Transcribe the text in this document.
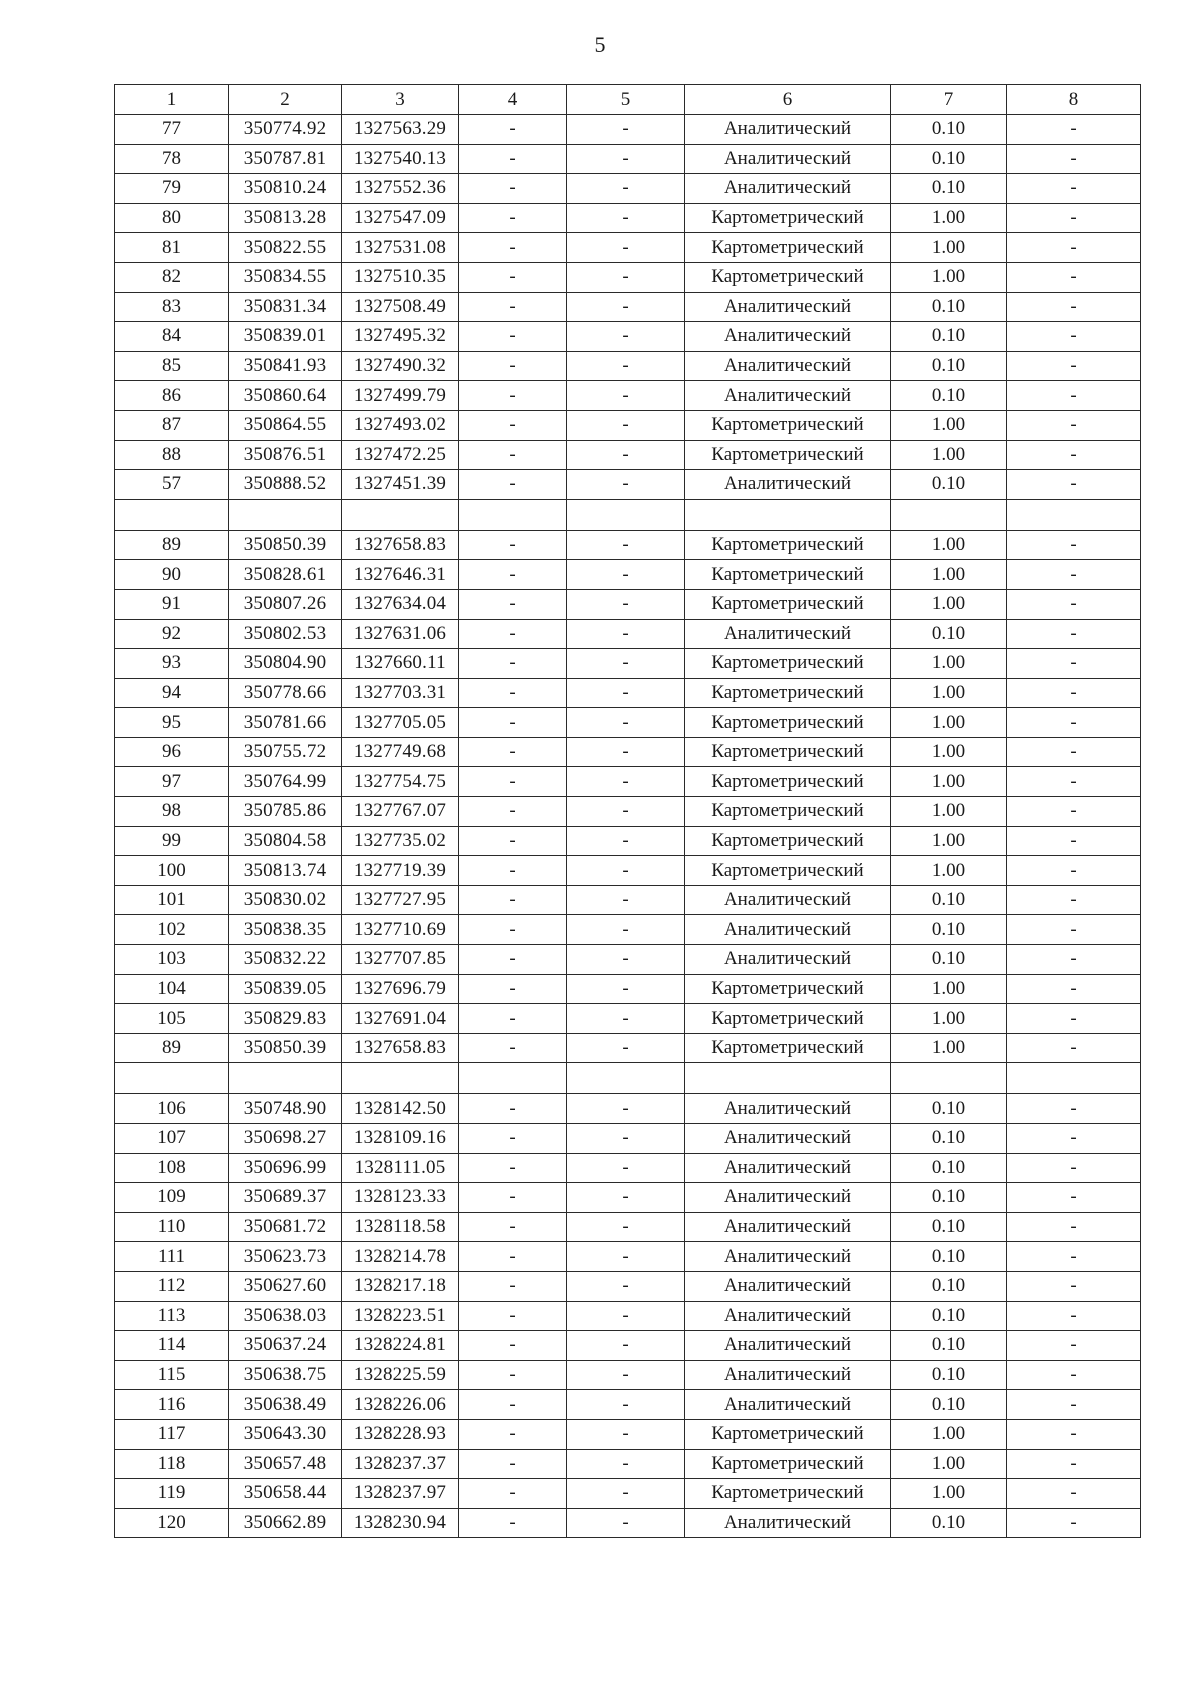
5
1	2	3	4	5	6	7	8
77	350774.92	1327563.29	-	-	Аналитический	0.10	-
78	350787.81	1327540.13	-	-	Аналитический	0.10	-
79	350810.24	1327552.36	-	-	Аналитический	0.10	-
80	350813.28	1327547.09	-	-	Картометрический	1.00	-
81	350822.55	1327531.08	-	-	Картометрический	1.00	-
82	350834.55	1327510.35	-	-	Картометрический	1.00	-
83	350831.34	1327508.49	-	-	Аналитический	0.10	-
84	350839.01	1327495.32	-	-	Аналитический	0.10	-
85	350841.93	1327490.32	-	-	Аналитический	0.10	-
86	350860.64	1327499.79	-	-	Аналитический	0.10	-
87	350864.55	1327493.02	-	-	Картометрический	1.00	-
88	350876.51	1327472.25	-	-	Картометрический	1.00	-
57	350888.52	1327451.39	-	-	Аналитический	0.10	-

89	350850.39	1327658.83	-	-	Картометрический	1.00	-
90	350828.61	1327646.31	-	-	Картометрический	1.00	-
91	350807.26	1327634.04	-	-	Картометрический	1.00	-
92	350802.53	1327631.06	-	-	Аналитический	0.10	-
93	350804.90	1327660.11	-	-	Картометрический	1.00	-
94	350778.66	1327703.31	-	-	Картометрический	1.00	-
95	350781.66	1327705.05	-	-	Картометрический	1.00	-
96	350755.72	1327749.68	-	-	Картометрический	1.00	-
97	350764.99	1327754.75	-	-	Картометрический	1.00	-
98	350785.86	1327767.07	-	-	Картометрический	1.00	-
99	350804.58	1327735.02	-	-	Картометрический	1.00	-
100	350813.74	1327719.39	-	-	Картометрический	1.00	-
101	350830.02	1327727.95	-	-	Аналитический	0.10	-
102	350838.35	1327710.69	-	-	Аналитический	0.10	-
103	350832.22	1327707.85	-	-	Аналитический	0.10	-
104	350839.05	1327696.79	-	-	Картометрический	1.00	-
105	350829.83	1327691.04	-	-	Картометрический	1.00	-
89	350850.39	1327658.83	-	-	Картометрический	1.00	-

106	350748.90	1328142.50	-	-	Аналитический	0.10	-
107	350698.27	1328109.16	-	-	Аналитический	0.10	-
108	350696.99	1328111.05	-	-	Аналитический	0.10	-
109	350689.37	1328123.33	-	-	Аналитический	0.10	-
110	350681.72	1328118.58	-	-	Аналитический	0.10	-
111	350623.73	1328214.78	-	-	Аналитический	0.10	-
112	350627.60	1328217.18	-	-	Аналитический	0.10	-
113	350638.03	1328223.51	-	-	Аналитический	0.10	-
114	350637.24	1328224.81	-	-	Аналитический	0.10	-
115	350638.75	1328225.59	-	-	Аналитический	0.10	-
116	350638.49	1328226.06	-	-	Аналитический	0.10	-
117	350643.30	1328228.93	-	-	Картометрический	1.00	-
118	350657.48	1328237.37	-	-	Картометрический	1.00	-
119	350658.44	1328237.97	-	-	Картометрический	1.00	-
120	350662.89	1328230.94	-	-	Аналитический	0.10	-
